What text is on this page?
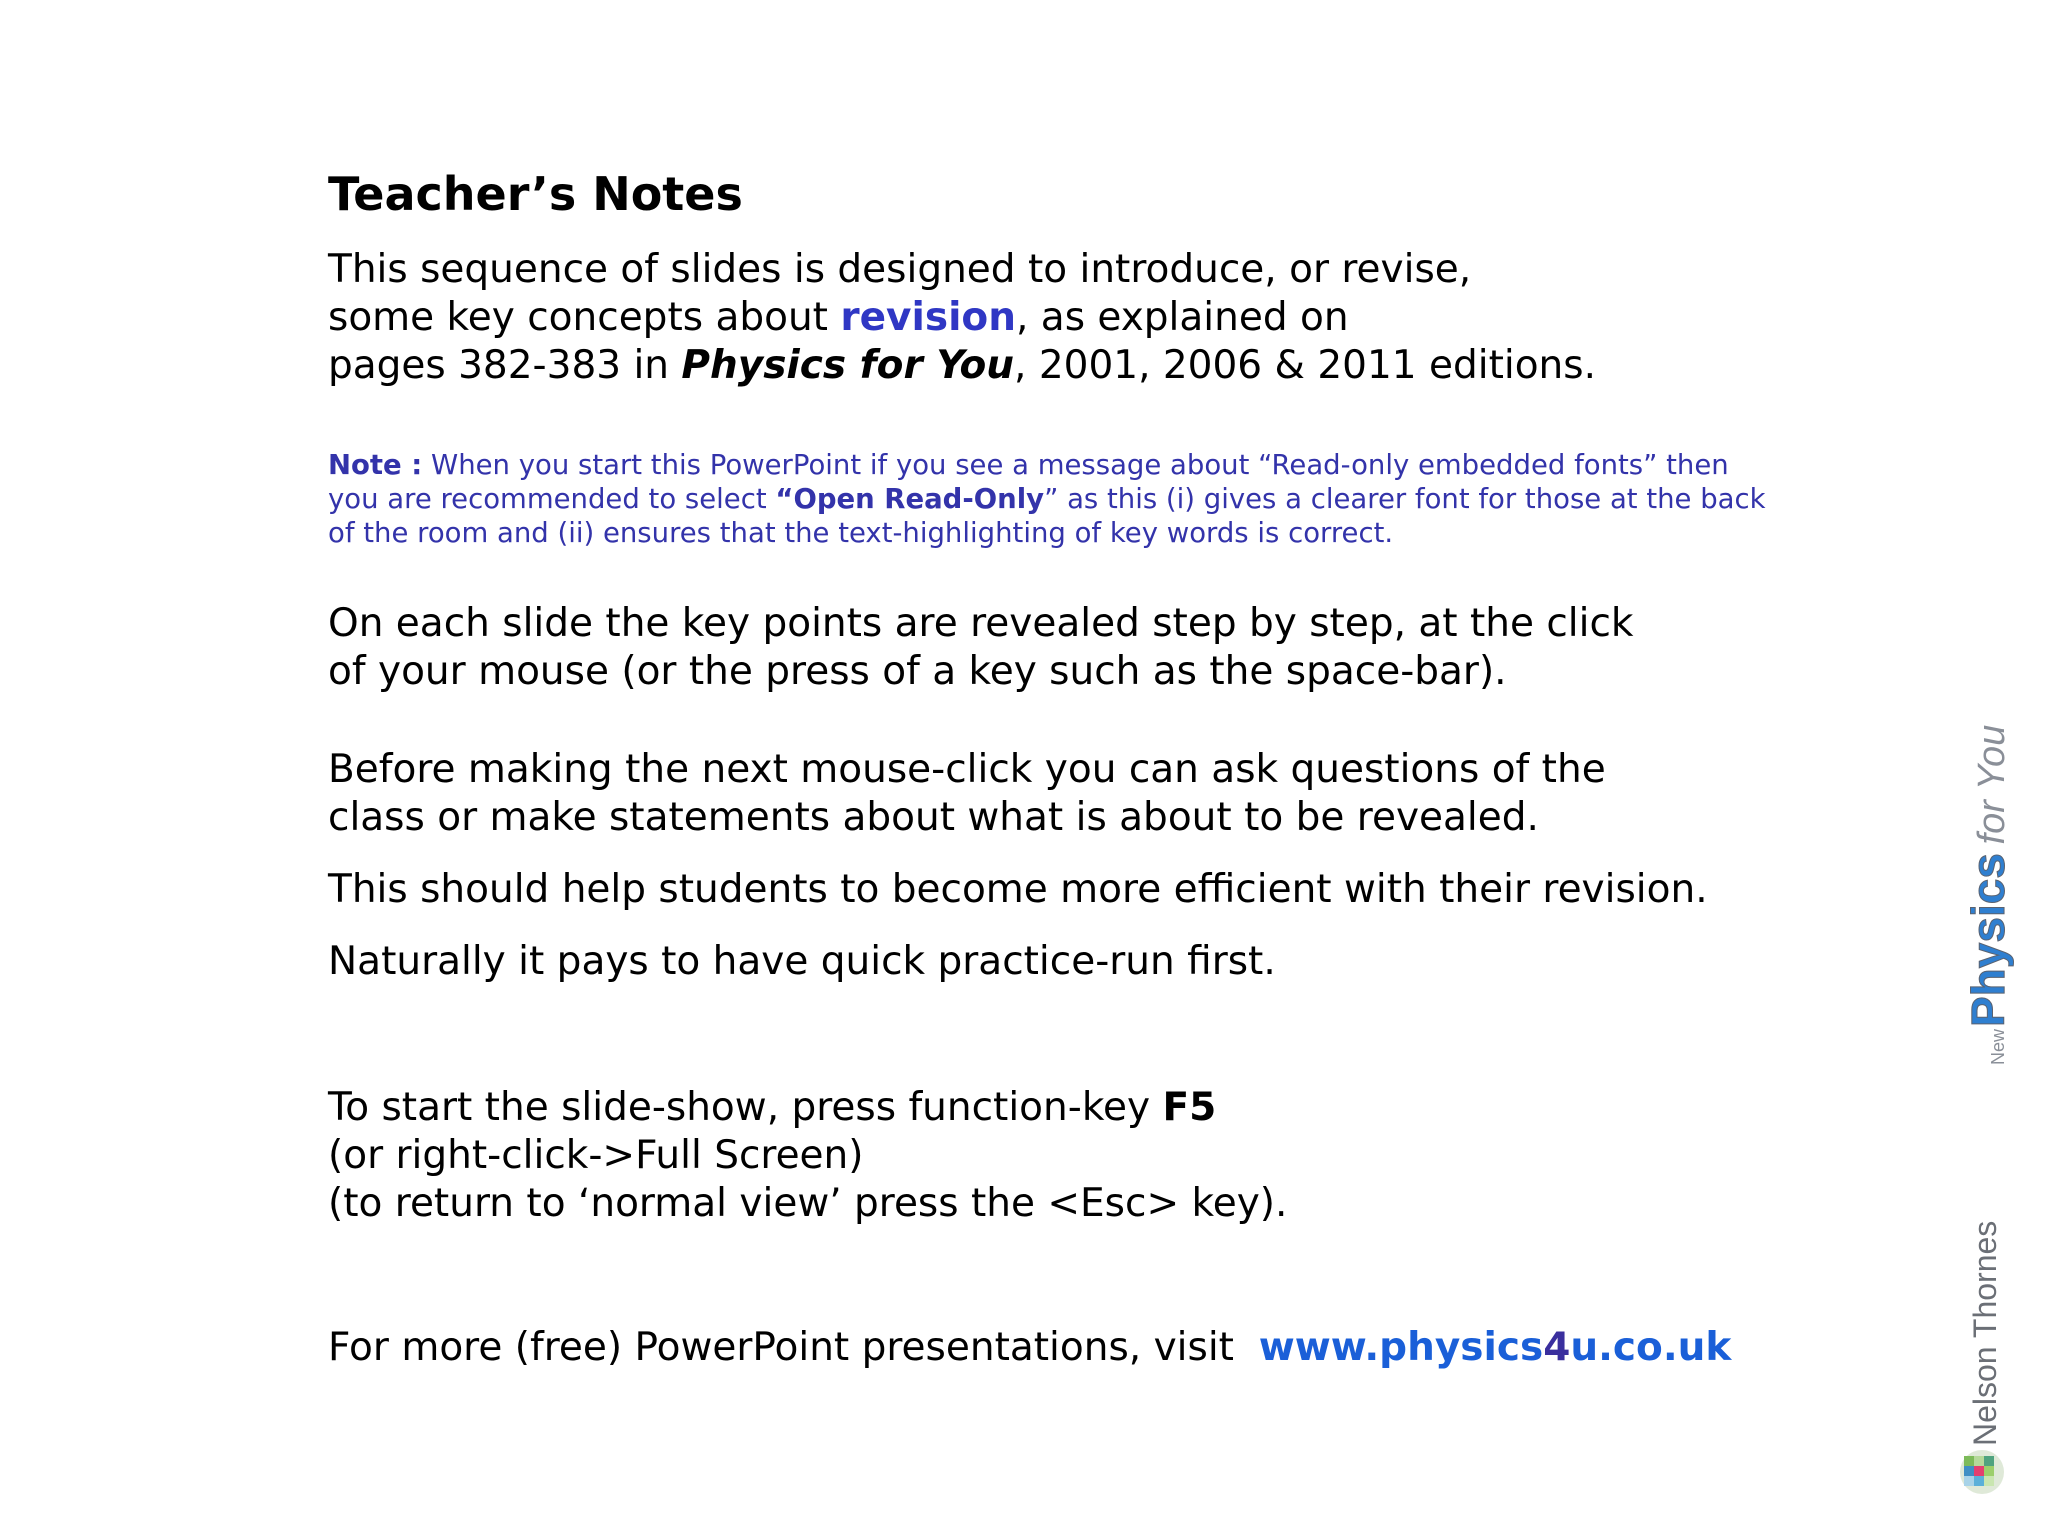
Teacher’s Notes
This sequence of slides is designed to introduce, or revise,
some key concepts about revision, as explained on
pages 382-383 in Physics for You, 2001, 2006 & 2011 editions.
Note : When you start this PowerPoint if you see a message about “Read-only embedded fonts” then
you are recommended to select “Open Read-Only” as this (i) gives a clearer font for those at the back
of the room and (ii) ensures that the text-highlighting of key words is correct.
On each slide the key points are revealed step by step, at the click
of your mouse (or the press of a key such as the space-bar).
Before making the next mouse-click you can ask questions of the
class or make statements about what is about to be revealed.
This should help students to become more efficient with their revision.
Naturally it pays to have quick practice-run first.
To start the slide-show, press function-key F5
(or right-click->Full Screen)
(to return to ‘normal view’ press the <Esc> key).
For more (free) PowerPoint presentations, visit  www.physics4u.co.uk
New
Physics
for You
Nelson Thornes
